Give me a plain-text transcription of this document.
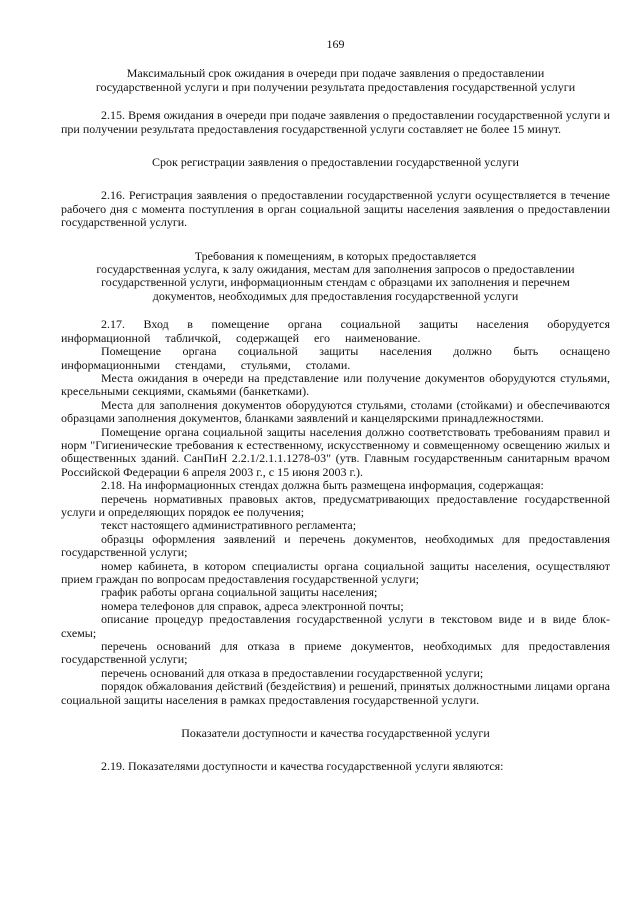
169
Максимальный срок ожидания в очереди при подаче заявления о предоставлении
государственной услуги и при получении результата предоставления государственной услуги

2.15. Время ожидания в очереди при подаче заявления о предоставлении государственной услуги и при получении результата предоставления государственной услуги составляет не более 15 минут.

Срок регистрации заявления о предоставлении государственной услуги

2.16. Регистрация заявления о предоставлении государственной услуги осуществляется в течение рабочего дня с момента поступления в орган социальной защиты населения заявления о предоставлении государственной услуги.

Требования к помещениям, в которых предоставляется
государственная услуга, к залу ожидания, местам для заполнения запросов о предоставлении
государственной услуги, информационным стендам с образцами их заполнения и перечнем
документов, необходимых для предоставления государственной услуги

2.17. Вход в помещение органа социальной защиты населения оборудуется информационной табличкой, содержащей его наименование.

Помещение органа социальной защиты населения должно быть оснащено информационными стендами, стульями, столами.

Места ожидания в очереди на представление или получение документов оборудуются стульями, кресельными секциями, скамьями (банкетками).

Места для заполнения документов оборудуются стульями, столами (стойками) и обеспечиваются образцами заполнения документов, бланками заявлений и канцелярскими принадлежностями.

Помещение органа социальной защиты населения должно соответствовать требованиям правил и норм "Гигиенические требования к естественному, искусственному и совмещенному освещению жилых и общественных зданий. СанПиН 2.2.1/2.1.1.1278-03" (утв. Главным государственным санитарным врачом Российской Федерации 6 апреля 2003 г., с 15 июня 2003 г.).

2.18. На информационных стендах должна быть размещена информация, содержащая:

перечень нормативных правовых актов, предусматривающих предоставление государственной услуги и определяющих порядок ее получения;

текст настоящего административного регламента;

образцы оформления заявлений и перечень документов, необходимых для предоставления государственной услуги;

номер кабинета, в котором специалисты органа социальной защиты населения, осуществляют прием граждан по вопросам предоставления государственной услуги;

график работы органа социальной защиты населения;

номера телефонов для справок, адреса электронной почты;

описание процедур предоставления государственной услуги в текстовом виде и в виде блок-схемы;

перечень оснований для отказа в приеме документов, необходимых для предоставления государственной услуги;

перечень оснований для отказа в предоставлении государственной услуги;

порядок обжалования действий (бездействия) и решений, принятых должностными лицами органа социальной защиты населения в рамках предоставления государственной услуги.

Показатели доступности и качества государственной услуги

2.19. Показателями доступности и качества государственной услуги являются:
